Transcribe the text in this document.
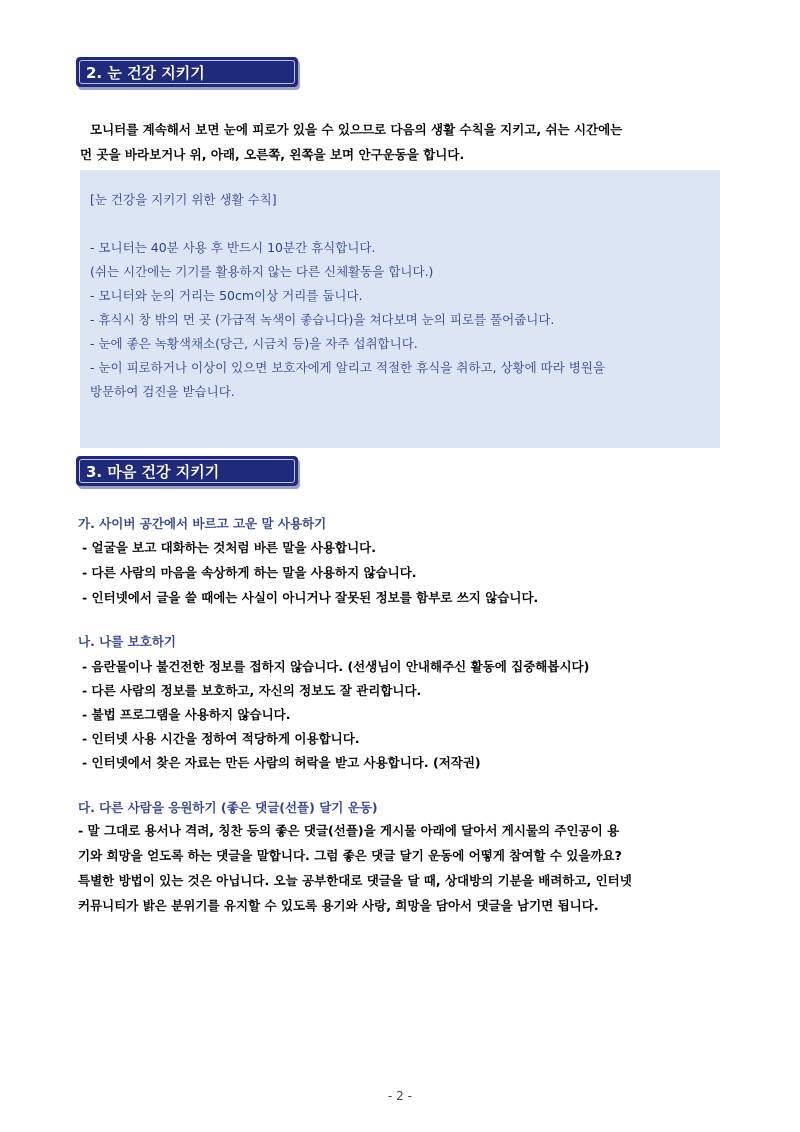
2. 눈 건강 지키기
모니터를 계속해서 보면 눈에 피로가 있을 수 있으므로 다음의 생활 수칙을 지키고, 쉬는 시간에는
먼 곳을 바라보거나 위, 아래, 오른쪽, 왼쪽을 보며 안구운동을 합니다.
[눈 건강을 지키기 위한 생활 수칙]
- 모니터는 40분 사용 후 반드시 10분간 휴식합니다.
(쉬는 시간에는 기기를 활용하지 않는 다른 신체활동을 합니다.)
- 모니터와 눈의 거리는 50cm이상 거리를 둡니다.
- 휴식시 창 밖의 먼 곳 (가급적 녹색이 좋습니다)을 쳐다보며 눈의 피로를 풀어줍니다.
- 눈에 좋은 녹황색채소(당근, 시금치 등)을 자주 섭취합니다.
- 눈이 피로하거나 이상이 있으면 보호자에게 알리고 적절한 휴식을 취하고, 상황에 따라 병원을
방문하여 검진을 받습니다.
3. 마음 건강 지키기
가. 사이버 공간에서 바르고 고운 말 사용하기
- 얼굴을 보고 대화하는 것처럼 바른 말을 사용합니다.
- 다른 사람의 마음을 속상하게 하는 말을 사용하지 않습니다.
- 인터넷에서 글을 쓸 때에는 사실이 아니거나 잘못된 정보를 함부로 쓰지 않습니다.
나. 나를 보호하기
- 음란물이나 불건전한 정보를 접하지 않습니다. (선생님이 안내해주신 활동에 집중해봅시다)
- 다른 사람의 정보를 보호하고, 자신의 정보도 잘 관리합니다.
- 불법 프로그램을 사용하지 않습니다.
- 인터넷 사용 시간을 정하여 적당하게 이용합니다.
- 인터넷에서 찾은 자료는 만든 사람의 허락을 받고 사용합니다. (저작권)
다. 다른 사람을 응원하기 (좋은 댓글(선플) 달기 운동)
- 말 그대로 용서나 격려, 칭찬 등의 좋은 댓글(선플)을 게시물 아래에 달아서 게시물의 주인공이 용
기와 희망을 얻도록 하는 댓글을 말합니다. 그럼 좋은 댓글 달기 운동에 어떻게 참여할 수 있을까요?
특별한 방법이 있는 것은 아닙니다. 오늘 공부한대로 댓글을 달 때, 상대방의 기분을 배려하고, 인터넷
커뮤니티가 밝은 분위기를 유지할 수 있도록 용기와 사랑, 희망을 담아서 댓글을 남기면 됩니다.
- 2 -
